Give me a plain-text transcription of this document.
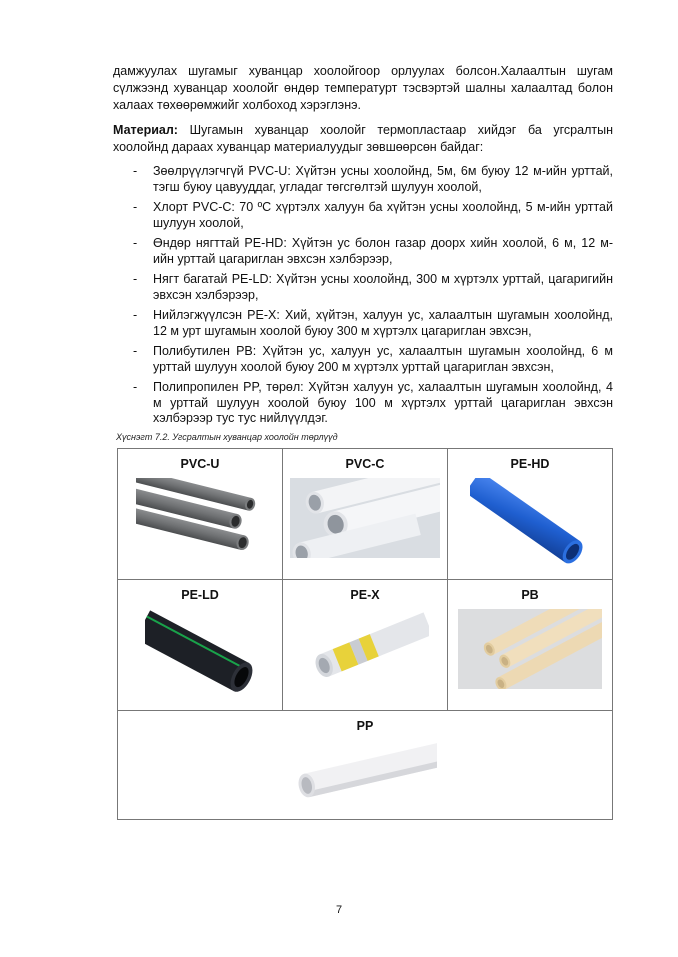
дамжуулах шугамыг хуванцар хоолойгоор орлуулах болсон.Халаалтын шугам сүлжээнд хуванцар хоолойг өндөр температурт тэсвэртэй шалны халаалтад болон халаах төхөөрөмжийг холбоход хэрэглэнэ.

Материал: Шугамын хуванцар хоолойг термопластаар хийдэг ба угсралтын хоолойнд дараах хуванцар материалуудыг зөвшөөрсөн байдаг:

- Зөөлрүүлэгчгүй PVC-U: Хүйтэн усны хоолойнд, 5м, 6м буюу 12 м-ийн урттай, тэгш буюу цавууддаг, угладаг төгсгөлтэй шулуун хоолой,
- Хлорт PVC-C: 70 ºС хүртэлх халуун ба хүйтэн усны хоолойнд, 5 м-ийн урттай шулуун хоолой,
- Өндөр нягттай PE-HD: Хүйтэн ус болон газар доорх хийн хоолой, 6 м, 12 м-ийн урттай цагариглан эвхсэн хэлбэрээр,
- Нягт багатай PE-LD: Хүйтэн усны хоолойнд, 300 м хүртэлх урттай, цагаригийн эвхсэн хэлбэрээр,
- Нийлэгжүүлсэн PE-X: Хий, хүйтэн, халуун ус, халаалтын шугамын хоолойнд, 12 м урт шугамын хоолой буюу 300 м хүртэлх цагариглан эвхсэн,
- Полибутилен PB: Хүйтэн ус, халуун ус, халаалтын шугамын хоолойнд, 6 м урттай шулуун хоолой буюу 200 м хүртэлх урттай цагариглан эвхсэн,
- Полипропилен PP, төрөл: Хүйтэн халуун ус, халаалтын шугамын хоолойнд, 4 м урттай шулуун хоолой буюу 100 м хүртэлх урттай цагариглан эвхсэн хэлбэрээр тус тус нийлүүлдэг.
Хүснэгт 7.2. Угсралтын хуванцар хоолойн төрлүүд
PVC-U	PVC-C	PE-HD

PE-LD	PE-X	PB

PP		
7
